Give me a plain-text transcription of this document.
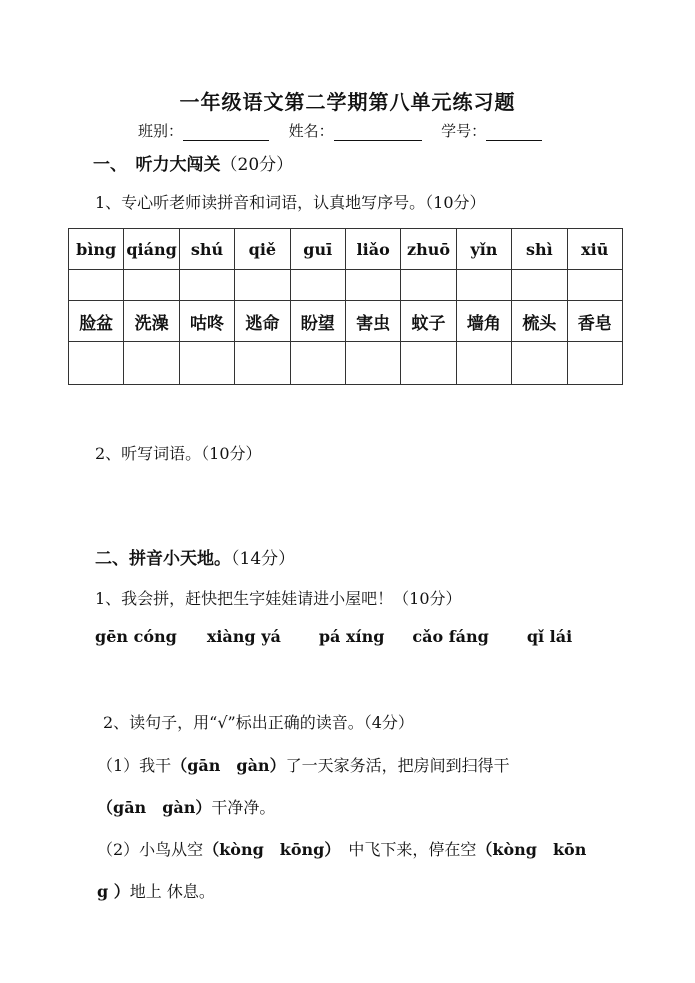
一年级语文第二学期第八单元练习题
班别：	姓名：	学号：
一、　听力大闯关（20分）
1、专心听老师读拼音和词语，认真地写序号。（10分）
bìng	qiáng	shú	qiě	guī	liǎo	zhuō	yǐn	shì	xiū

脸盆	洗澡	咕咚	逃命	盼望	害虫	蚊子	墙角	梳头	香皂

2、听写词语。（10分）
二、拼音小天地。（14分）
1、我会拼，赶快把生字娃娃请进小屋吧！（10分）
gēn cóng xiàng yá pá xíng cǎo fáng qǐ lái
2、读句子，用“√”标出正确的读音。（4分）
（1）我干（gān　gàn）了一天家务活，把房间到扫得干
（gān　gàn）干净净。
（2）小鸟从空（kòng　kōng） 中飞下来，停在空（kòng　kōn
g ）地上 休息。
